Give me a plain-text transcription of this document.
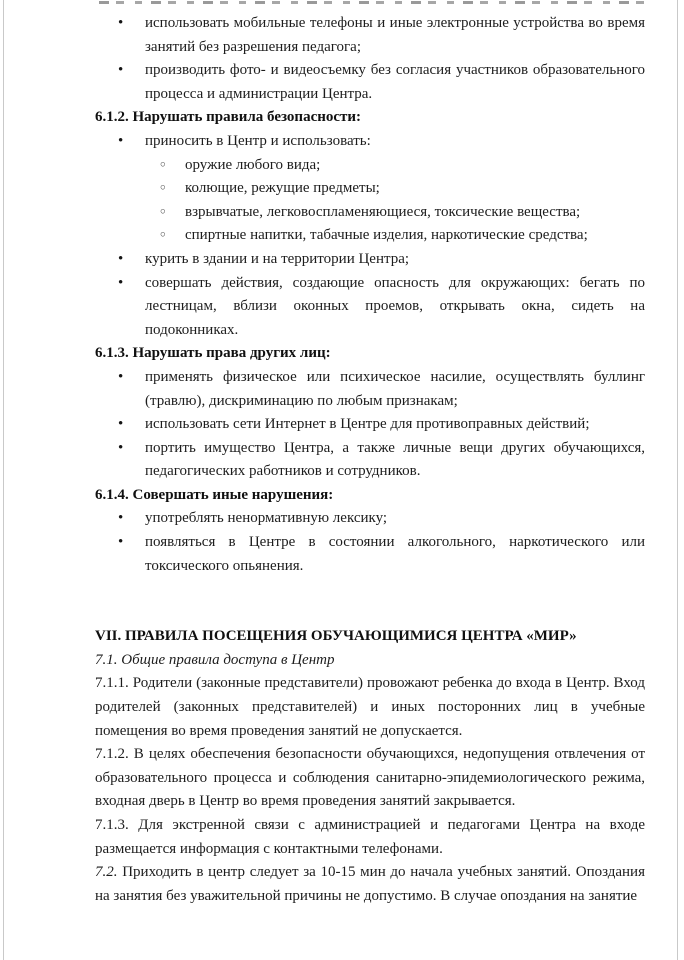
•	использовать мобильные телефоны и иные электронные устройства во время занятий без разрешения педагога;
•	производить фото- и видеосъемку без согласия участников образовательного процесса и администрации Центра.
6.1.2. Нарушать правила безопасности:
•	приносить в Центр и использовать:
○	оружие любого вида;
○	колющие, режущие предметы;
○	взрывчатые, легковоспламеняющиеся, токсические вещества;
○	спиртные напитки, табачные изделия, наркотические средства;
•	курить в здании и на территории Центра;
•	совершать действия, создающие опасность для окружающих: бегать по лестницам, вблизи оконных проемов, открывать окна, сидеть на подоконниках.
6.1.3. Нарушать права других лиц:
•	применять физическое или психическое насилие, осуществлять буллинг (травлю), дискриминацию по любым признакам;
•	использовать сети Интернет в Центре для противоправных действий;
•	портить имущество Центра, а также личные вещи других обучающихся, педагогических работников и сотрудников.
6.1.4. Совершать иные нарушения:
•	употреблять ненормативную лексику;
•	появляться в Центре в состоянии алкогольного, наркотического или токсического опьянения.
VII. ПРАВИЛА ПОСЕЩЕНИЯ ОБУЧАЮЩИМИСЯ ЦЕНТРА «МИР»
7.1. Общие правила доступа в Центр
7.1.1. Родители (законные представители) провожают ребенка до входа в Центр. Вход родителей (законных представителей) и иных посторонних лиц в учебные помещения во время проведения занятий не допускается.
7.1.2. В целях обеспечения безопасности обучающихся, недопущения отвлечения от образовательного процесса и соблюдения санитарно-эпидемиологического режима, входная дверь в Центр во время проведения занятий закрывается.
7.1.3. Для экстренной связи с администрацией и педагогами Центра на входе размещается информация с контактными телефонами.
7.2. Приходить в центр следует за 10-15 мин до начала учебных занятий. Опоздания на занятия без уважительной причины не допустимо. В случае опоздания на занятие
